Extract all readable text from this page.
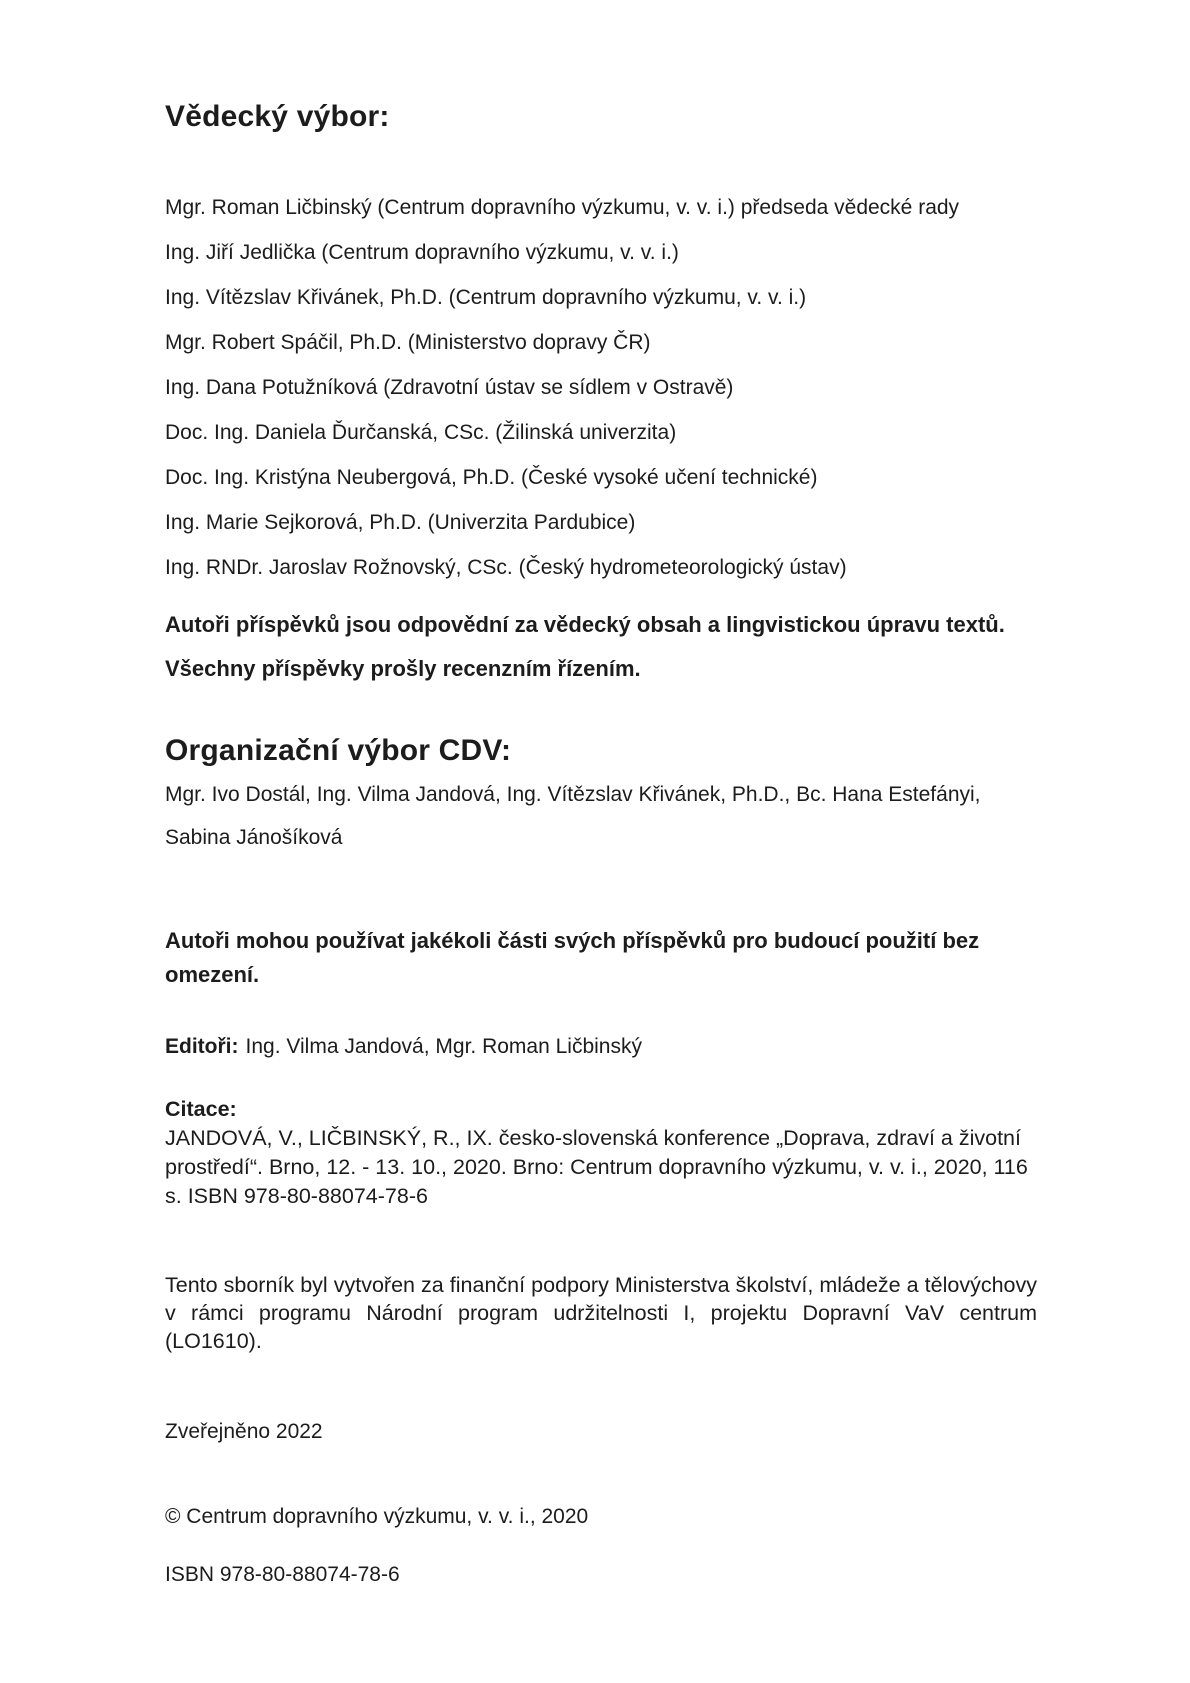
Vědecký výbor:

Mgr. Roman Ličbinský (Centrum dopravního výzkumu, v. v. i.) předseda vědecké rady

Ing. Jiří Jedlička (Centrum dopravního výzkumu, v. v. i.)

Ing. Vítězslav Křivánek, Ph.D. (Centrum dopravního výzkumu, v. v. i.)

Mgr. Robert Spáčil, Ph.D. (Ministerstvo dopravy ČR)

Ing. Dana Potužníková (Zdravotní ústav se sídlem v Ostravě)

Doc. Ing. Daniela Ďurčanská, CSc. (Žilinská univerzita)

Doc. Ing. Kristýna Neubergová, Ph.D. (České vysoké učení technické)

Ing. Marie Sejkorová, Ph.D. (Univerzita Pardubice)

Ing. RNDr. Jaroslav Rožnovský, CSc. (Český hydrometeorologický ústav)

Autoři příspěvků jsou odpovědní za vědecký obsah a lingvistickou úpravu textů. Všechny příspěvky prošly recenzním řízením.

Organizační výbor CDV:

Mgr. Ivo Dostál, Ing. Vilma Jandová, Ing. Vítězslav Křivánek, Ph.D., Bc. Hana Estefányi, Sabina Jánošíková

Autoři mohou používat jakékoli části svých příspěvků pro budoucí použití bez omezení.

Editoři: Ing. Vilma Jandová, Mgr. Roman Ličbinský

Citace:
JANDOVÁ, V., LIČBINSKÝ, R., IX. česko-slovenská konference „Doprava, zdraví a životní prostředí“. Brno, 12. - 13. 10., 2020. Brno: Centrum dopravního výzkumu, v. v. i., 2020, 116 s. ISBN 978-80-88074-78-6

Tento sborník byl vytvořen za finanční podpory Ministerstva školství, mládeže a tělovýchovy v rámci programu Národní program udržitelnosti I, projektu Dopravní VaV centrum (LO1610).

Zveřejněno 2022

© Centrum dopravního výzkumu, v. v. i., 2020

ISBN 978-80-88074-78-6
